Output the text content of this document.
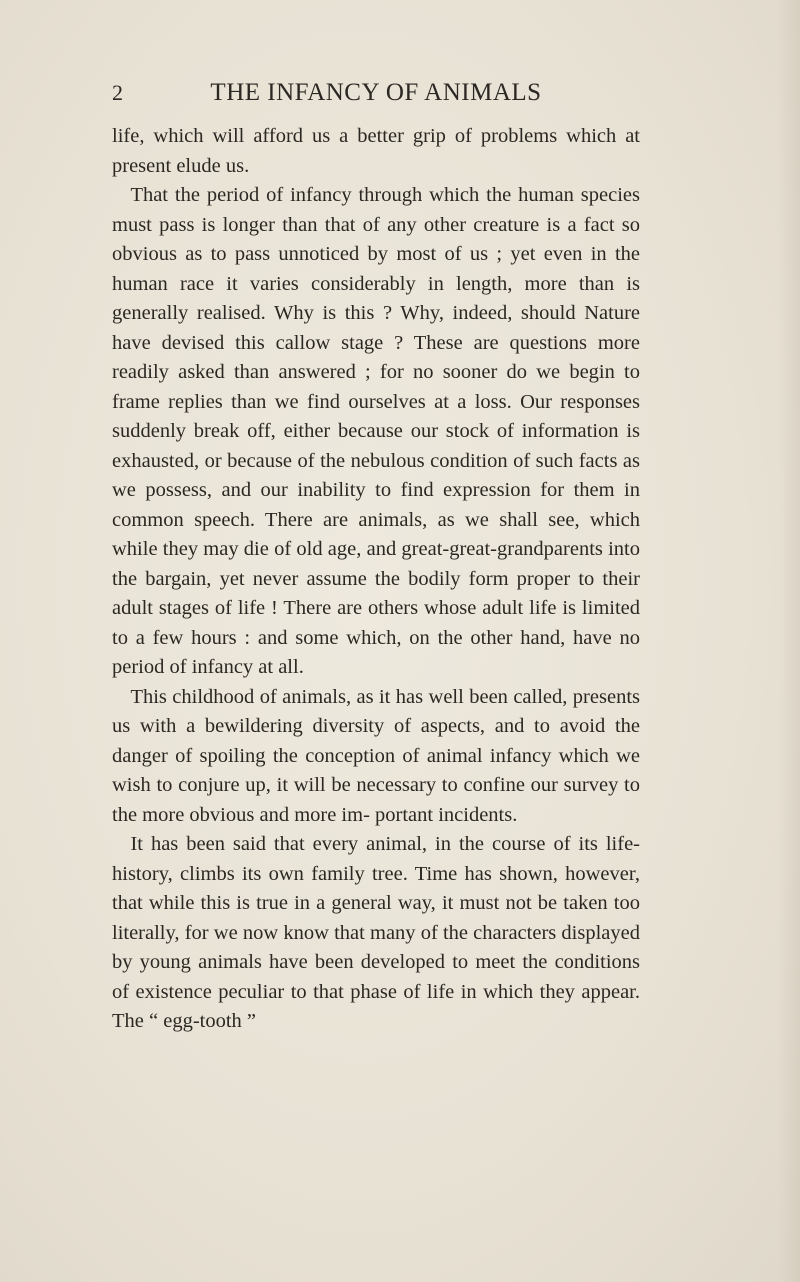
2	THE INFANCY OF ANIMALS

life, which will afford us a better grip of problems which at present elude us.

That the period of infancy through which the human species must pass is longer than that of any other creature is a fact so obvious as to pass unnoticed by most of us ; yet even in the human race it varies considerably in length, more than is generally realised. Why is this ? Why, indeed, should Nature have devised this callow stage ? These are questions more readily asked than answered ; for no sooner do we begin to frame replies than we find ourselves at a loss. Our responses suddenly break off, either because our stock of information is exhausted, or because of the nebulous condition of such facts as we possess, and our inability to find expression for them in common speech. There are animals, as we shall see, which while they may die of old age, and great-great-grandparents into the bargain, yet never assume the bodily form proper to their adult stages of life ! There are others whose adult life is limited to a few hours : and some which, on the other hand, have no period of infancy at all.

This childhood of animals, as it has well been called, presents us with a bewildering diversity of aspects, and to avoid the danger of spoiling the conception of animal infancy which we wish to conjure up, it will be necessary to confine our survey to the more obvious and more im- portant incidents.

It has been said that every animal, in the course of its life-history, climbs its own family tree. Time has shown, however, that while this is true in a general way, it must not be taken too literally, for we now know that many of the characters displayed by young animals have been developed to meet the conditions of existence peculiar to that phase of life in which they appear. The “ egg-tooth ”
